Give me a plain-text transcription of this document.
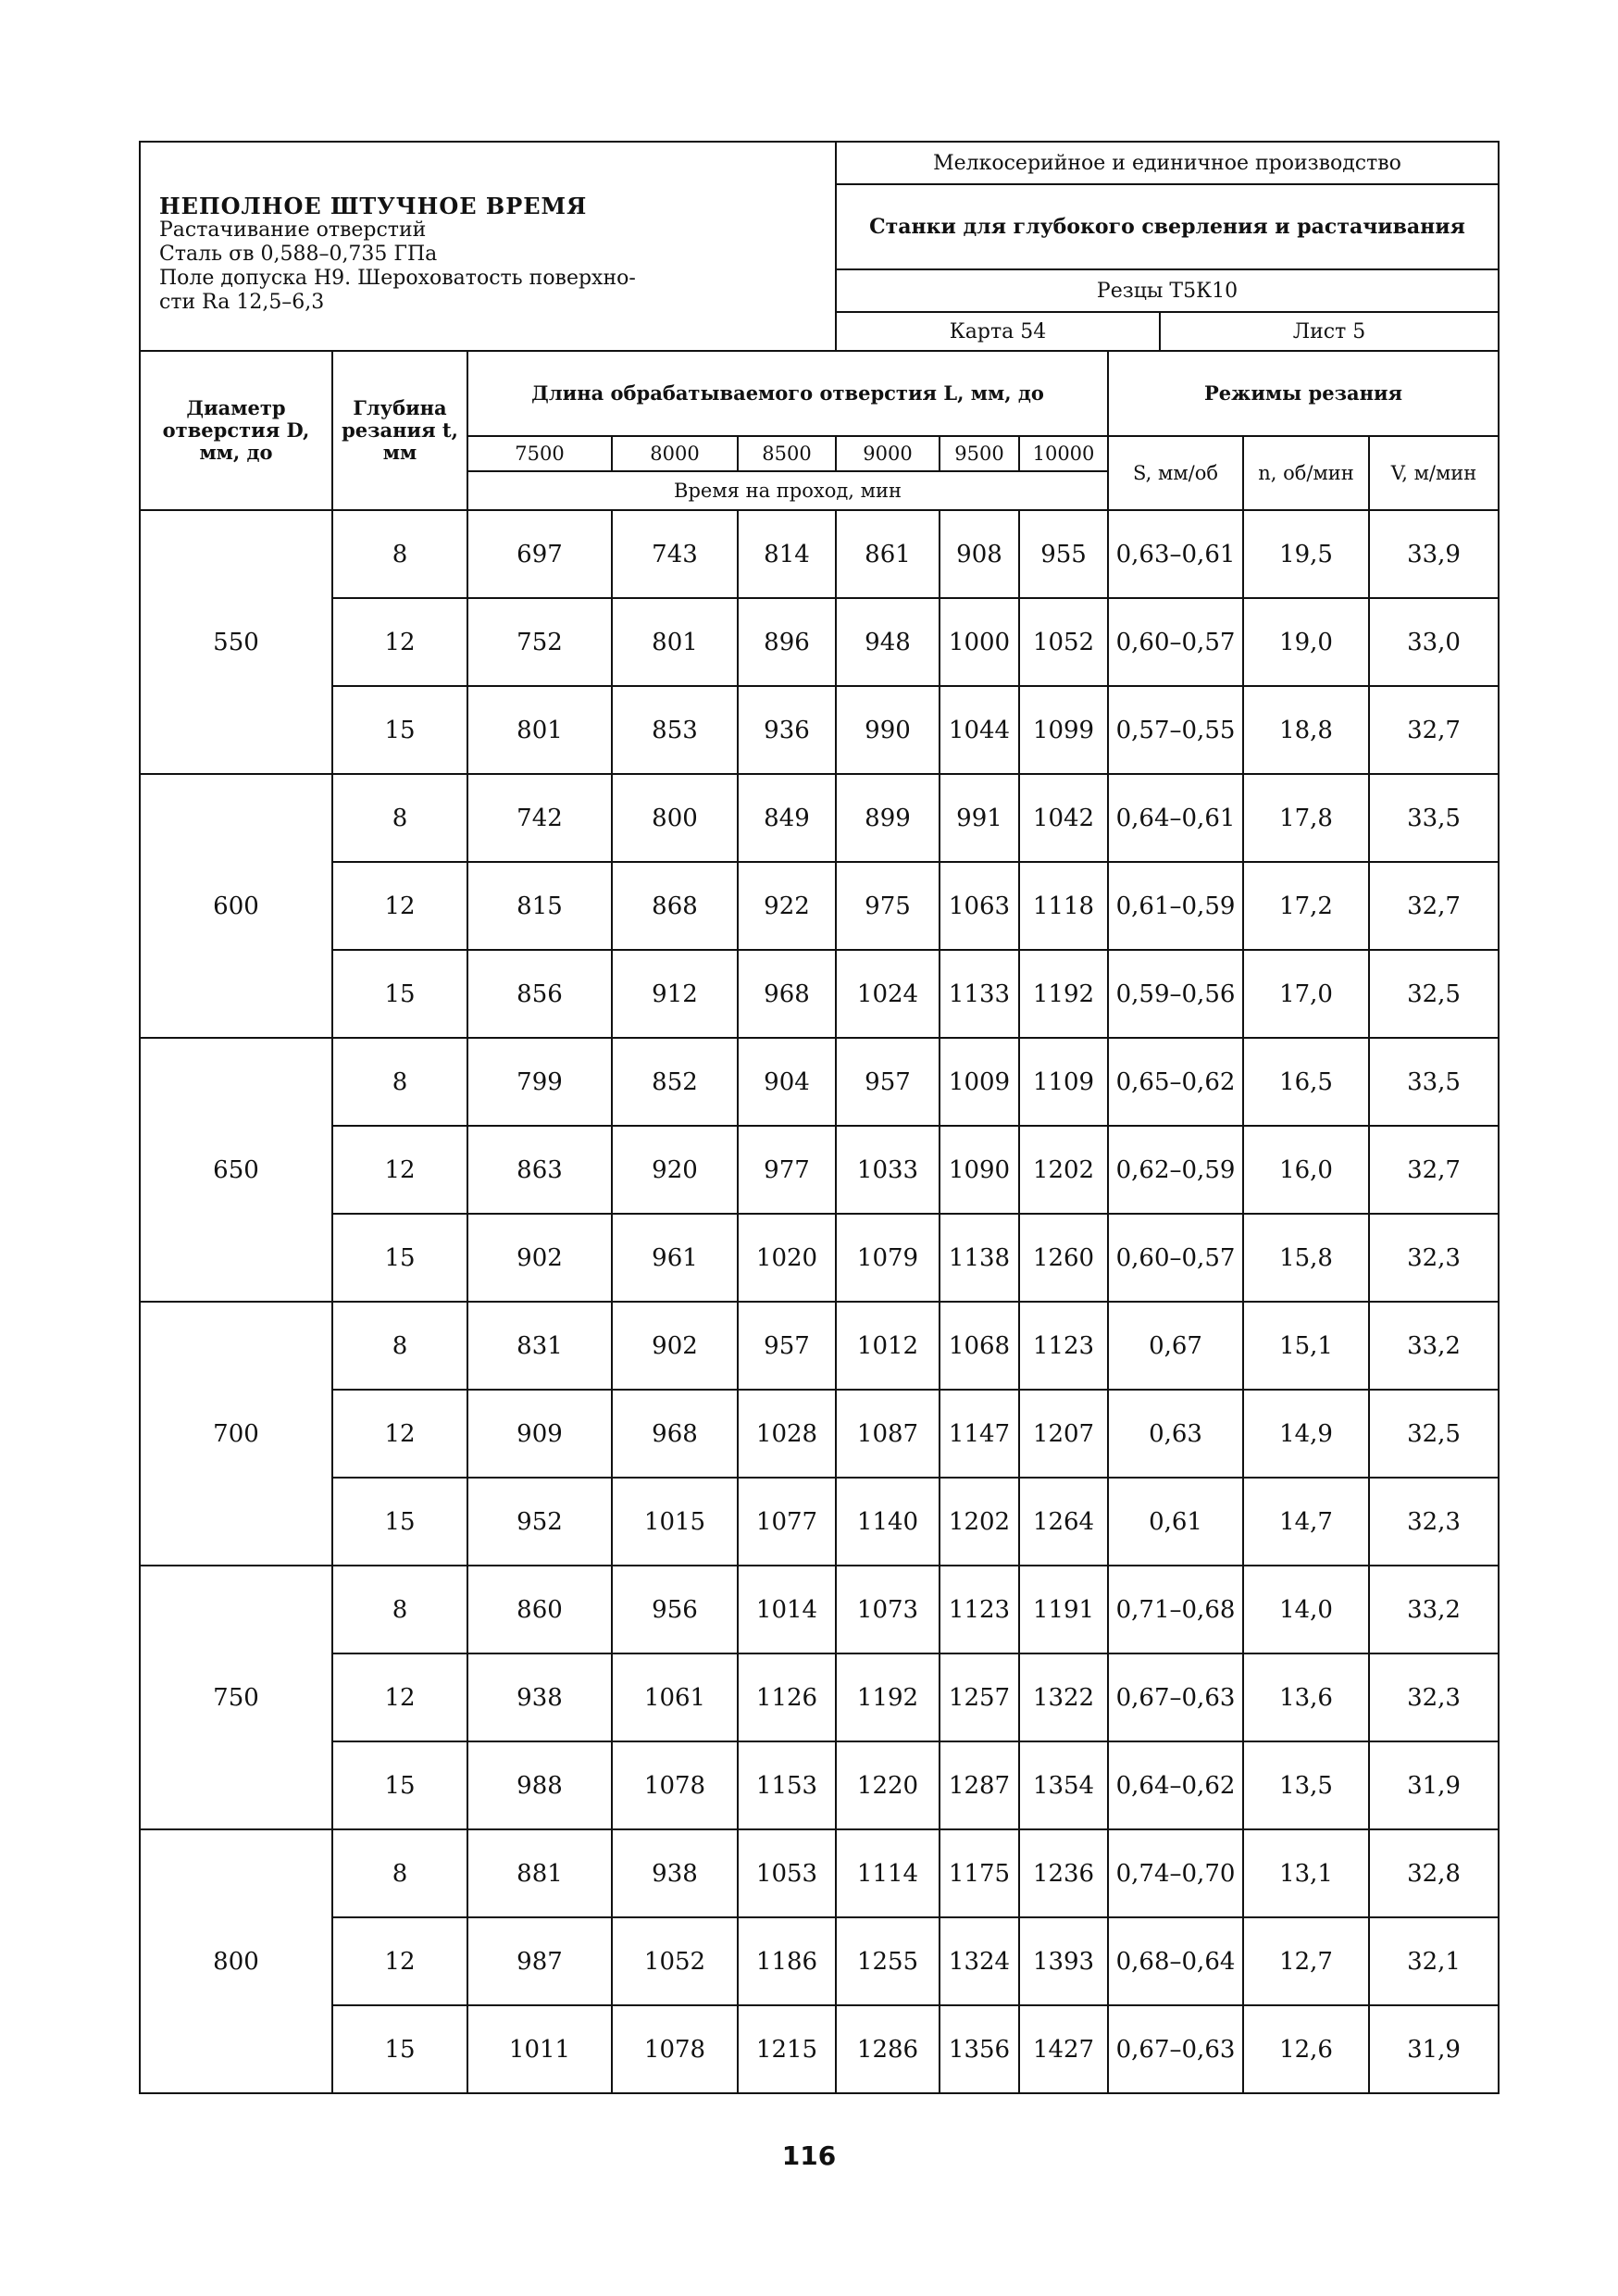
НЕПОЛНОЕ ШТУЧНОЕ ВРЕМЯ
Растачивание отверстий
Сталь σв 0,588–0,735 ГПа
Поле допуска Н9. Шероховатость поверхно-
сти Ra 12,5–6,3	Мелкосерийное и единичное производство	
	Станки для глубокого сверления и растачивания	
	Резцы Т5К10	
	Карта 54	Лист 5
Диаметр отверстия D, мм, до	Глубина резания t, мм	Длина обрабатываемого отверстия L, мм, до						Режимы резания		
		7500	8000	8500	9000	9500	10000	S, мм/об	n, об/мин	V, м/мин
		Время на проход, мин								
550	8	697	743	814	861	908	955	0,63–0,61	19,5	33,9
	12	752	801	896	948	1000	1052	0,60–0,57	19,0	33,0
	15	801	853	936	990	1044	1099	0,57–0,55	18,8	32,7
600	8	742	800	849	899	991	1042	0,64–0,61	17,8	33,5
	12	815	868	922	975	1063	1118	0,61–0,59	17,2	32,7
	15	856	912	968	1024	1133	1192	0,59–0,56	17,0	32,5
650	8	799	852	904	957	1009	1109	0,65–0,62	16,5	33,5
	12	863	920	977	1033	1090	1202	0,62–0,59	16,0	32,7
	15	902	961	1020	1079	1138	1260	0,60–0,57	15,8	32,3
700	8	831	902	957	1012	1068	1123	0,67	15,1	33,2
	12	909	968	1028	1087	1147	1207	0,63	14,9	32,5
	15	952	1015	1077	1140	1202	1264	0,61	14,7	32,3
750	8	860	956	1014	1073	1123	1191	0,71–0,68	14,0	33,2
	12	938	1061	1126	1192	1257	1322	0,67–0,63	13,6	32,3
	15	988	1078	1153	1220	1287	1354	0,64–0,62	13,5	31,9
800	8	881	938	1053	1114	1175	1236	0,74–0,70	13,1	32,8
	12	987	1052	1186	1255	1324	1393	0,68–0,64	12,7	32,1
	15	1011	1078	1215	1286	1356	1427	0,67–0,63	12,6	31,9
116
